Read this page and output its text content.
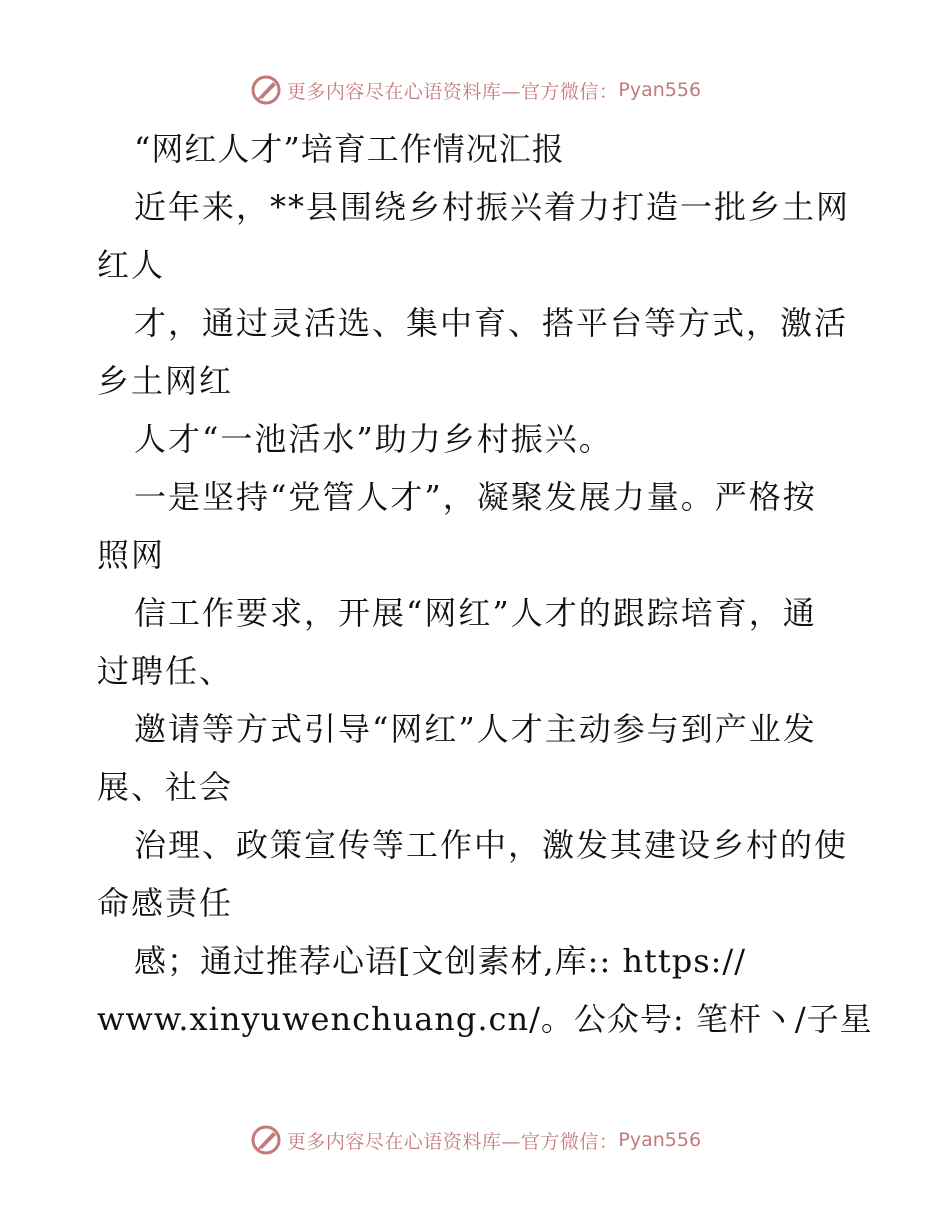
更多内容尽在心语资料库—官方微信： Pyan556
“网红人才”培育工作情况汇报
近年来，**县围绕乡村振兴着力打造一批乡土网
红人
才，通过灵活选、集中育、搭平台等方式，激活
乡土网红
人才“一池活水”助力乡村振兴。
一是坚持“党管人才”，凝聚发展力量。严格按
照网
信工作要求，开展“网红”人才的跟踪培育，通
过聘任、
邀请等方式引导“网红”人才主动参与到产业发
展、社会
治理、政策宣传等工作中，激发其建设乡村的使
命感责任
感；通过推荐心语[文创素材,库:: https://
www.xinyuwenchuang.cn/。公众号: 笔杆丶/子星
更多内容尽在心语资料库—官方微信： Pyan556
